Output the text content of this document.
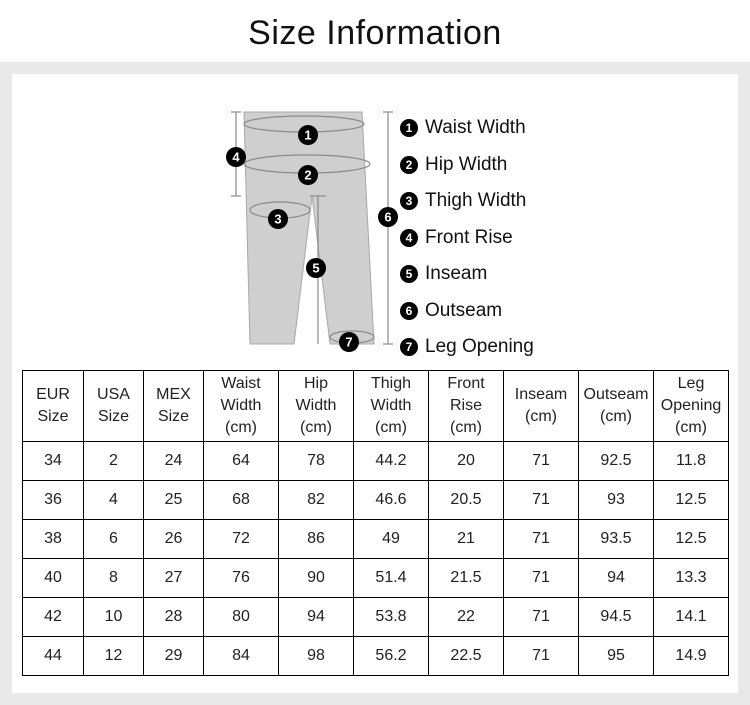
Size Information
1
2
3
4
5
6
7
1 Waist Width
2 Hip Width
3 Thigh Width
4 Front Rise
5 Inseam
6 Outseam
7 Leg Opening
EUR
Size	USA
Size	MEX
Size	Waist
Width
(cm)	Hip
Width
(cm)	Thigh
Width
(cm)	Front
Rise
(cm)	Inseam
(cm)	Outseam
(cm)	Leg
Opening
(cm)
34	2	24	64	78	44.2	20	71	92.5	11.8
36	4	25	68	82	46.6	20.5	71	93	12.5
38	6	26	72	86	49	21	71	93.5	12.5
40	8	27	76	90	51.4	21.5	71	94	13.3
42	10	28	80	94	53.8	22	71	94.5	14.1
44	12	29	84	98	56.2	22.5	71	95	14.9
